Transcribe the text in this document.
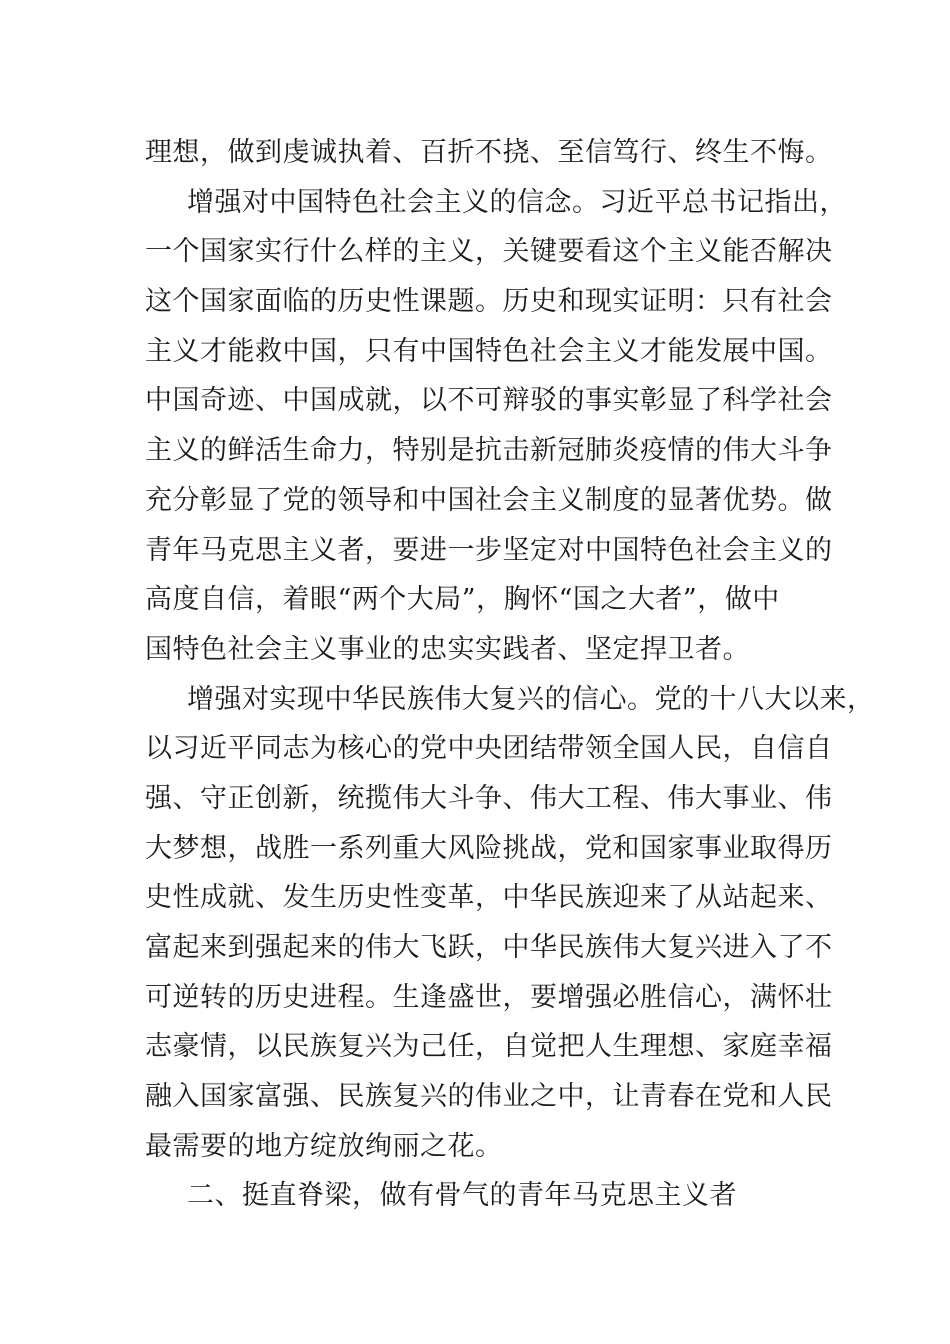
理想，做到虔诚执着、百折不挠、至信笃行、终生不悔。
增强对中国特色社会主义的信念。习近平总书记指出，
一个国家实行什么样的主义，关键要看这个主义能否解决
这个国家面临的历史性课题。历史和现实证明：只有社会
主义才能救中国，只有中国特色社会主义才能发展中国。
中国奇迹、中国成就，以不可辩驳的事实彰显了科学社会
主义的鲜活生命力，特别是抗击新冠肺炎疫情的伟大斗争
充分彰显了党的领导和中国社会主义制度的显著优势。做
青年马克思主义者，要进一步坚定对中国特色社会主义的
高度自信，着眼“两个大局”，胸怀“国之大者”，做中
国特色社会主义事业的忠实实践者、坚定捍卫者。
增强对实现中华民族伟大复兴的信心。党的十八大以来，
以习近平同志为核心的党中央团结带领全国人民，自信自
强、守正创新，统揽伟大斗争、伟大工程、伟大事业、伟
大梦想，战胜一系列重大风险挑战，党和国家事业取得历
史性成就、发生历史性变革，中华民族迎来了从站起来、
富起来到强起来的伟大飞跃，中华民族伟大复兴进入了不
可逆转的历史进程。生逢盛世，要增强必胜信心，满怀壮
志豪情，以民族复兴为己任，自觉把人生理想、家庭幸福
融入国家富强、民族复兴的伟业之中，让青春在党和人民
最需要的地方绽放绚丽之花。
二、挺直脊梁，做有骨气的青年马克思主义者
